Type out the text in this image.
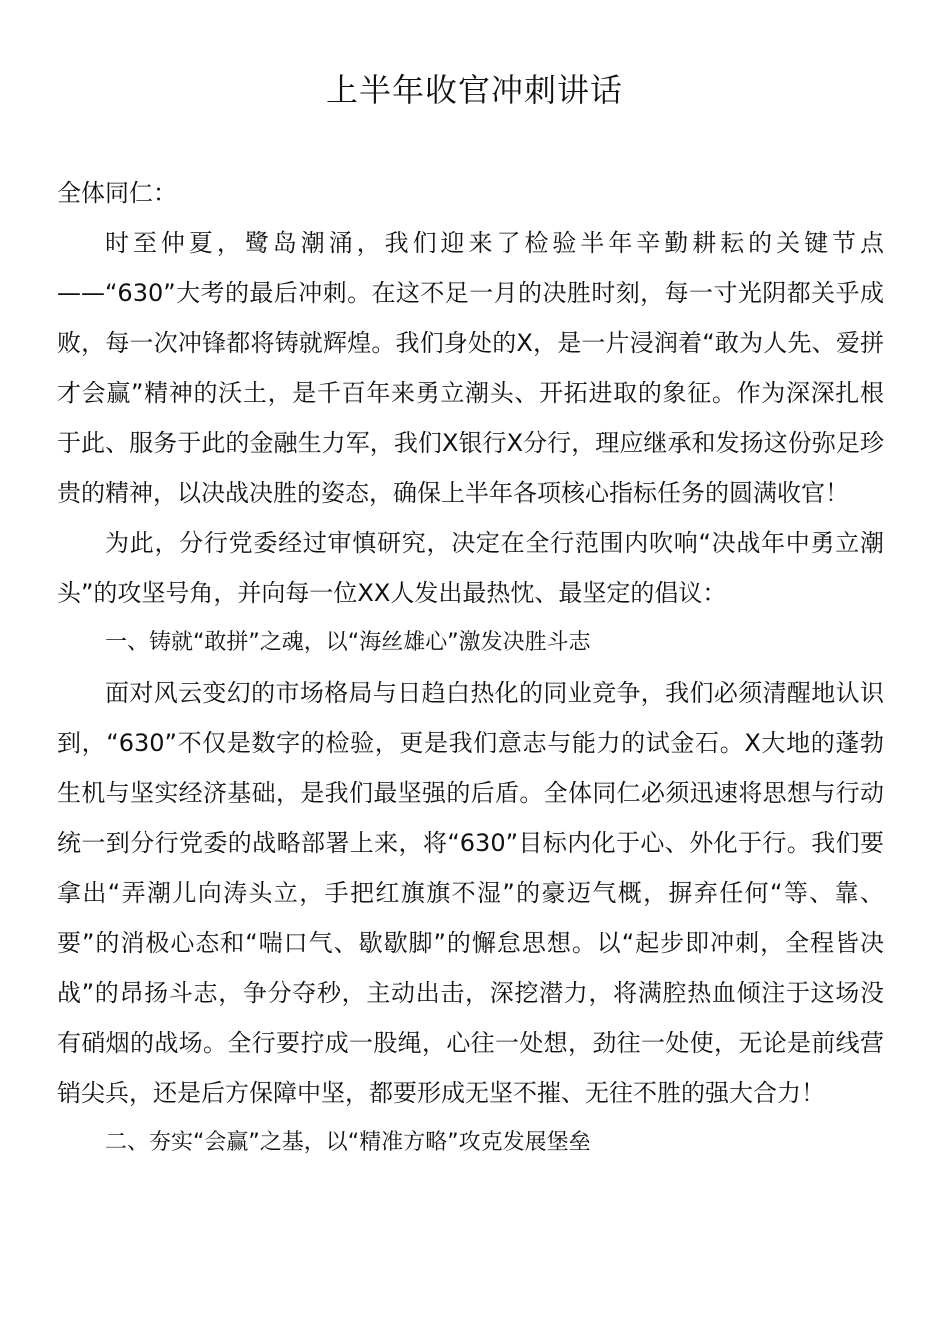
上半年收官冲刺讲话

全体同仁：

时至仲夏，鹭岛潮涌，我们迎来了检验半年辛勤耕耘的关键节点——“630”大考的最后冲刺。在这不足一月的决胜时刻，每一寸光阴都关乎成败，每一次冲锋都将铸就辉煌。我们身处的X，是一片浸润着“敢为人先、爱拼才会赢”精神的沃土，是千百年来勇立潮头、开拓进取的象征。作为深深扎根于此、服务于此的金融生力军，我们X银行X分行，理应继承和发扬这份弥足珍贵的精神，以决战决胜的姿态，确保上半年各项核心指标任务的圆满收官！

为此，分行党委经过审慎研究，决定在全行范围内吹响“决战年中勇立潮头”的攻坚号角，并向每一位XX人发出最热忱、最坚定的倡议：

一、铸就“敢拼”之魂，以“海丝雄心”激发决胜斗志

面对风云变幻的市场格局与日趋白热化的同业竞争，我们必须清醒地认识到，“630”不仅是数字的检验，更是我们意志与能力的试金石。X大地的蓬勃生机与坚实经济基础，是我们最坚强的后盾。全体同仁必须迅速将思想与行动统一到分行党委的战略部署上来，将“630”目标内化于心、外化于行。我们要拿出“弄潮儿向涛头立，手把红旗旗不湿”的豪迈气概，摒弃任何“等、靠、要”的消极心态和“喘口气、歇歇脚”的懈怠思想。以“起步即冲刺，全程皆决战”的昂扬斗志，争分夺秒，主动出击，深挖潜力，将满腔热血倾注于这场没有硝烟的战场。全行要拧成一股绳，心往一处想，劲往一处使，无论是前线营销尖兵，还是后方保障中坚，都要形成无坚不摧、无往不胜的强大合力！

二、夯实“会赢”之基，以“精准方略”攻克发展堡垒
